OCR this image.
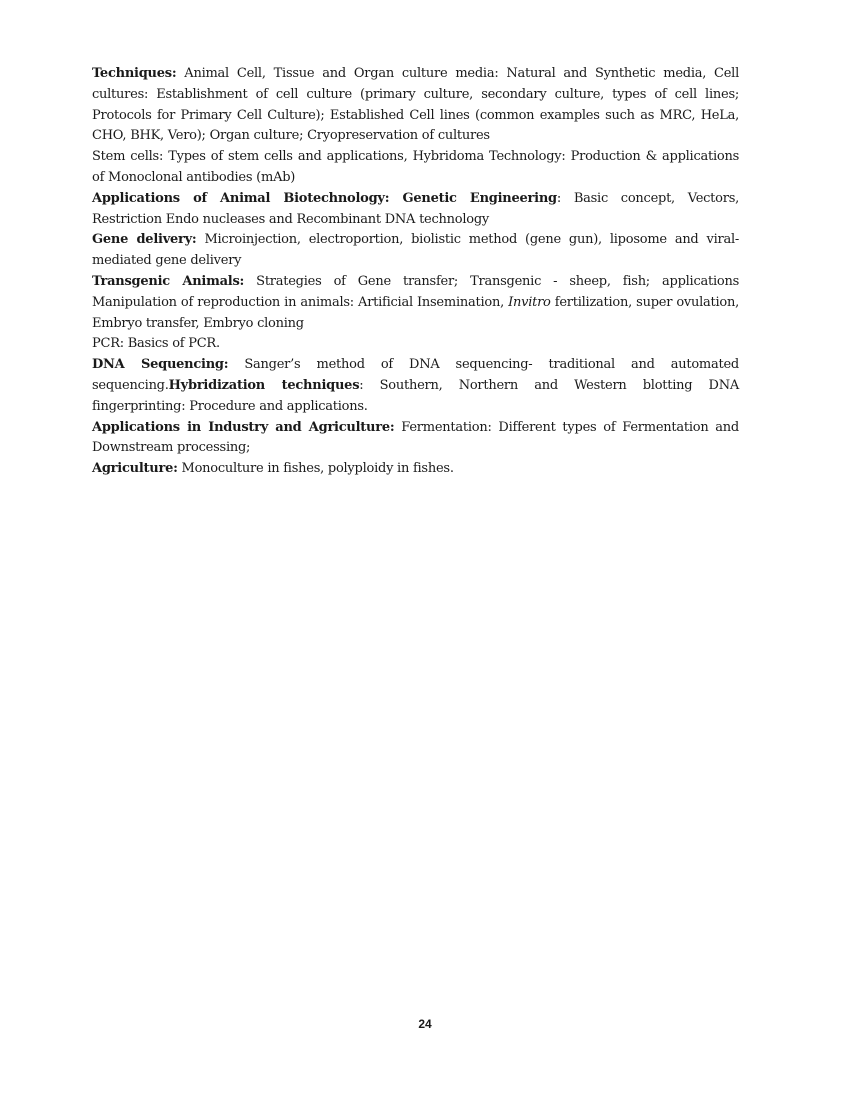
Techniques: Animal Cell, Tissue and Organ culture media: Natural and Synthetic media, Cell cultures: Establishment of cell culture (primary culture, secondary culture, types of cell lines; Protocols for Primary Cell Culture); Established Cell lines (common examples such as MRC, HeLa, CHO, BHK, Vero); Organ culture; Cryopreservation of cultures

Stem cells: Types of stem cells and applications, Hybridoma Technology: Production & applications of Monoclonal antibodies (mAb)

Applications of Animal Biotechnology: Genetic Engineering: Basic concept, Vectors, Restriction Endo nucleases and Recombinant DNA technology

Gene delivery: Microinjection, electroportion, biolistic method (gene gun), liposome and viral-mediated gene delivery

Transgenic Animals: Strategies of Gene transfer; Transgenic - sheep, fish; applications Manipulation of reproduction in animals: Artificial Insemination, Invitro fertilization, super ovulation, Embryo transfer, Embryo cloning

PCR: Basics of PCR.

DNA Sequencing: Sanger’s method of DNA sequencing- traditional and automated sequencing.Hybridization techniques: Southern, Northern and Western blotting DNA fingerprinting: Procedure and applications.

Applications in Industry and Agriculture: Fermentation: Different types of Fermentation and Downstream processing;

Agriculture: Monoculture in fishes, polyploidy in fishes.

24
